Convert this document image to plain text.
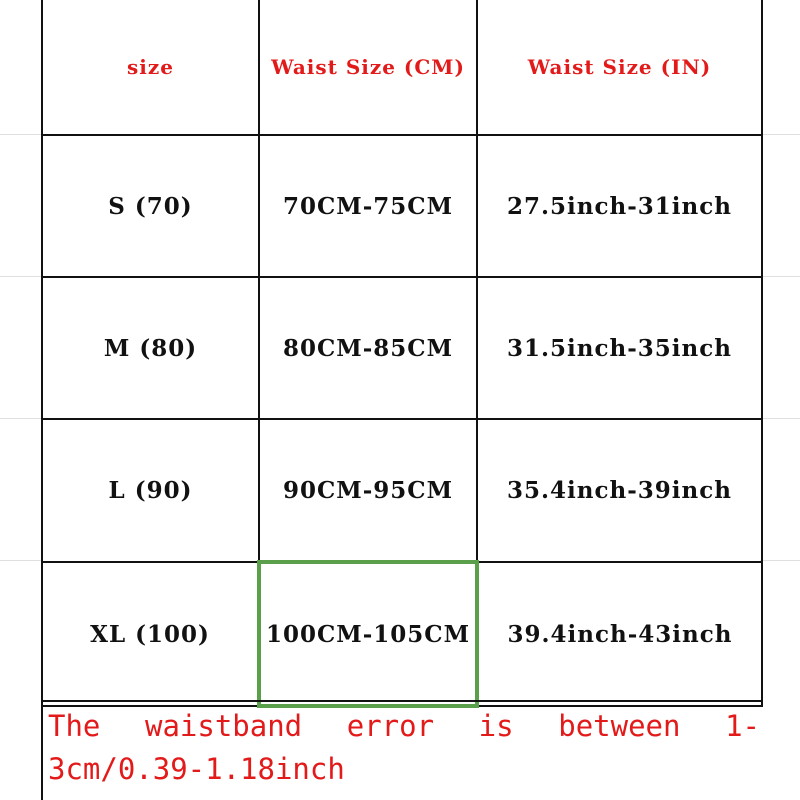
size	Waist Size (CM)	Waist Size (IN)
S (70)	70CM-75CM	27.5inch-31inch
M (80)	80CM-85CM	31.5inch-35inch
L (90)	90CM-95CM	35.4inch-39inch
XL (100)	100CM-105CM	39.4inch-43inch
The waistband error is between 1-3cm/0.39-1.18inch
